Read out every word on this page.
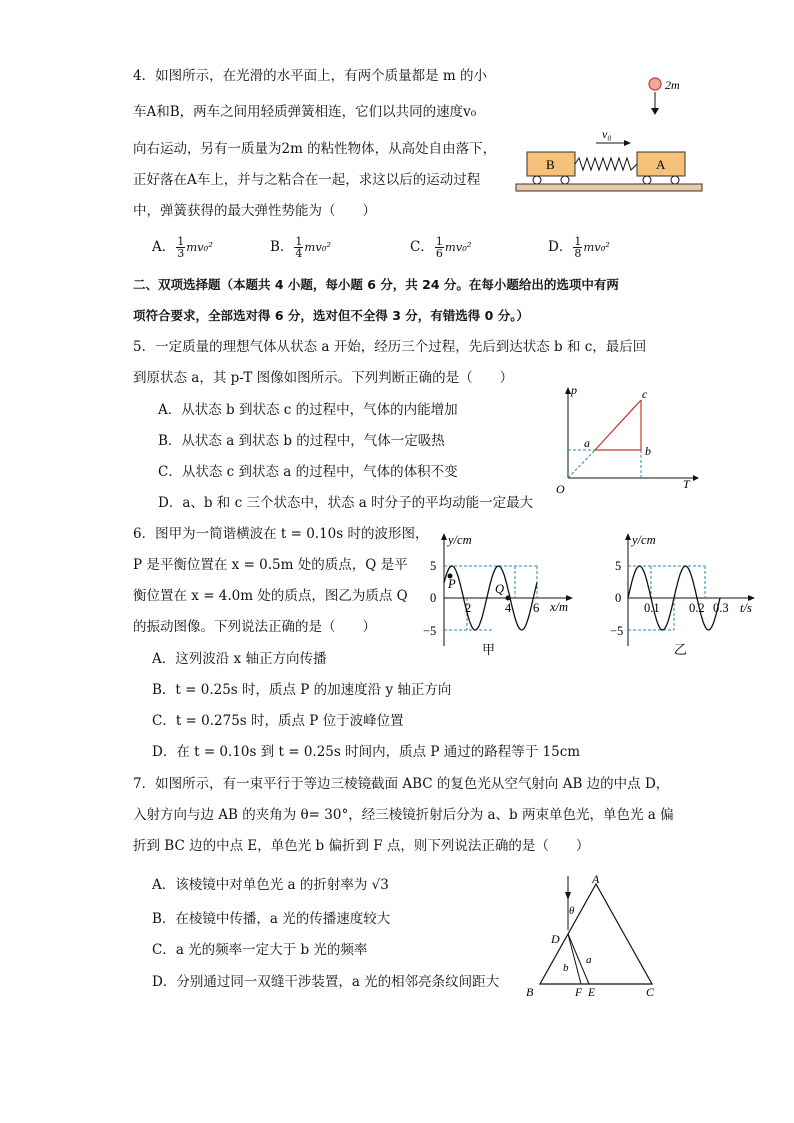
4．如图所示，在光滑的水平面上，有两个质量都是 m 的小
车A和B，两车之间用轻质弹簧相连，它们以共同的速度v₀
向右运动，另有一质量为2m 的粘性物体，从高处自由落下，
正好落在A车上，并与之粘合在一起，求这以后的运动过程
中，弹簧获得的最大弹性势能为（　　）
A． $\frac{1}{3} mv_0^2$	B． $\frac{1}{4} mv_0^2$	C． $\frac{1}{6} mv_0^2$	D． $\frac{1}{8} mv_0^2$
2m
v₀
B	A
二、双项选择题（本题共 4 小题，每小题 6 分，共 24 分。在每小题给出的选项中有两
项符合要求，全部选对得 6 分，选对但不全得 3 分，有错选得 0 分。）
5．一定质量的理想气体从状态 a 开始，经历三个过程，先后到达状态 b 和 c，最后回
到原状态 a，其 p-T 图像如图所示。下列判断正确的是（　　）
A．从状态 b 到状态 c 的过程中，气体的内能增加
B．从状态 a 到状态 b 的过程中，气体一定吸热
C．从状态 c 到状态 a 的过程中，气体的体积不变
D．a、b 和 c 三个状态中，状态 a 时分子的平均动能一定最大
p
T
O
a
b
c
6．图甲为一简谐横波在 t = 0.10s 时的波形图，
P 是平衡位置在 x = 0.5m 处的质点，Q 是平
衡位置在 x = 4.0m 处的质点，图乙为质点 Q
的振动图像。下列说法正确的是（　　）
A．这列波沿 x 轴正方向传播
B．t = 0.25s 时，质点 P 的加速度沿 y 轴正方向
C．t = 0.275s 时，质点 P 位于波峰位置
D．在 t = 0.10s 到 t = 0.25s 时间内，质点 P 通过的路程等于 15cm
y/cm
x/m
5
0
−5
2	4 6
P	Q
甲
y/cm
t/s
5
0
−5
0.1 0.2 0.3
乙
7．如图所示，有一束平行于等边三棱镜截面 ABC 的复色光从空气射向 AB 边的中点 D，
入射方向与边 AB 的夹角为 θ= 30°，经三棱镜折射后分为 a、b 两束单色光，单色光 a 偏
折到 BC 边的中点 E，单色光 b 偏折到 F 点，则下列说法正确的是（　　）
A．该棱镜中对单色光 a 的折射率为 √3
B．在棱镜中传播，a 光的传播速度较大
C．a 光的频率一定大于 b 光的频率
D．分别通过同一双缝干涉装置，a 光的相邻亮条纹间距大
A
B	C
θ
D
a
b
F E
